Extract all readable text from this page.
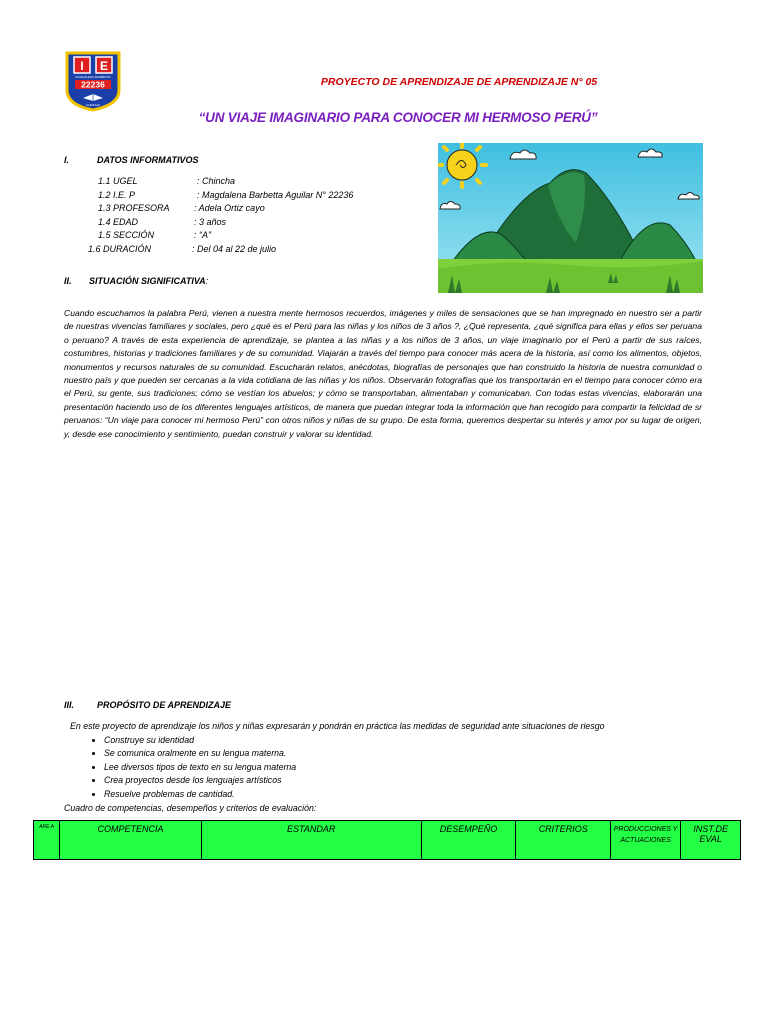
I E
MAGDALENA BARBETTA
22236
CHINCHA
PROYECTO DE APRENDIZAJE DE APRENDIZAJE N° 05
“UN VIAJE IMAGINARIO PARA CONOCER MI HERMOSO PERÚ”
I.	DATOS INFORMATIVOS
1.1 UGEL	: Chincha
1.2 I.E. P	: Magdalena Barbetta Aguilar N° 22236
1.3 PROFESORA	: Adela Ortiz cayo
1.4 EDAD	: 3 años
1.5 SECCIÓN	: “A”
1.6 DURACIÓN	: Del 04 al 22 de julio
II. SITUACIÓN SIGNIFICATIVA:
Cuando escuchamos la palabra Perú, vienen a nuestra mente hermosos recuerdos, imágenes y miles de sensaciones que se han impregnado en nuestro ser a partir de nuestras vivencias familiares y sociales, pero ¿qué es el Perú para las niñas y los niños de 3 años ?, ¿Qué representa, ¿qué significa para ellas y ellos ser peruana o peruano? A través de esta experiencia de aprendizaje, se plantea a las niñas y a los niños de 3 años, un viaje imaginario por el Perú a partir de sus raíces, costumbres, historias y tradiciones familiares y de su comunidad. Viajarán a través del tiempo para conocer más acera de la historia, así como los alimentos, objetos, monumentos y recursos naturales de su comunidad. Escucharán relatos, anécdotas, biografías de personajes que han construido la historia de nuestra comunidad o nuestro país y que pueden ser cercanas a la vida cotidiana de las niñas y los niños. Observarán fotografías que los transportarán en el tiempo para conocer cómo era el Perú, su gente, sus tradiciones; cómo se vestían los abuelos; y cómo se transportaban, alimentaban y comunicaban. Con todas estas vivencias, elaborarán una presentación haciendo uso de los diferentes lenguajes artísticos, de manera que puedan integrar toda la información que han recogido para compartir la felicidad de sr peruanos: “Un viaje para conocer mi hermoso Perú” con otros niños y niñas de su grupo. De esta forma, queremos despertar su interés y amor por su lugar de origen, y, desde ese conocimiento y sentimiento, puedan construir y valorar su identidad.
III.	PROPÓSITO DE APRENDIZAJE
En este proyecto de aprendizaje los niños y niñas expresarán y pondrán en práctica las medidas de seguridad ante situaciones de riesgo
• Construye su identidad
• Se comunica oralmente en su lengua materna.
• Lee diversos tipos de texto en su lengua materna
• Crea proyectos desde los lenguajes artísticos
• Resuelve problemas de cantidad.
Cuadro de competencias, desempeños y criterios de evaluación:
ARE A	COMPETENCIA	ESTANDAR	DESEMPEÑO	CRITERIOS	PRODUCCIONES Y ACTUACIONES	INST.DE EVAL
